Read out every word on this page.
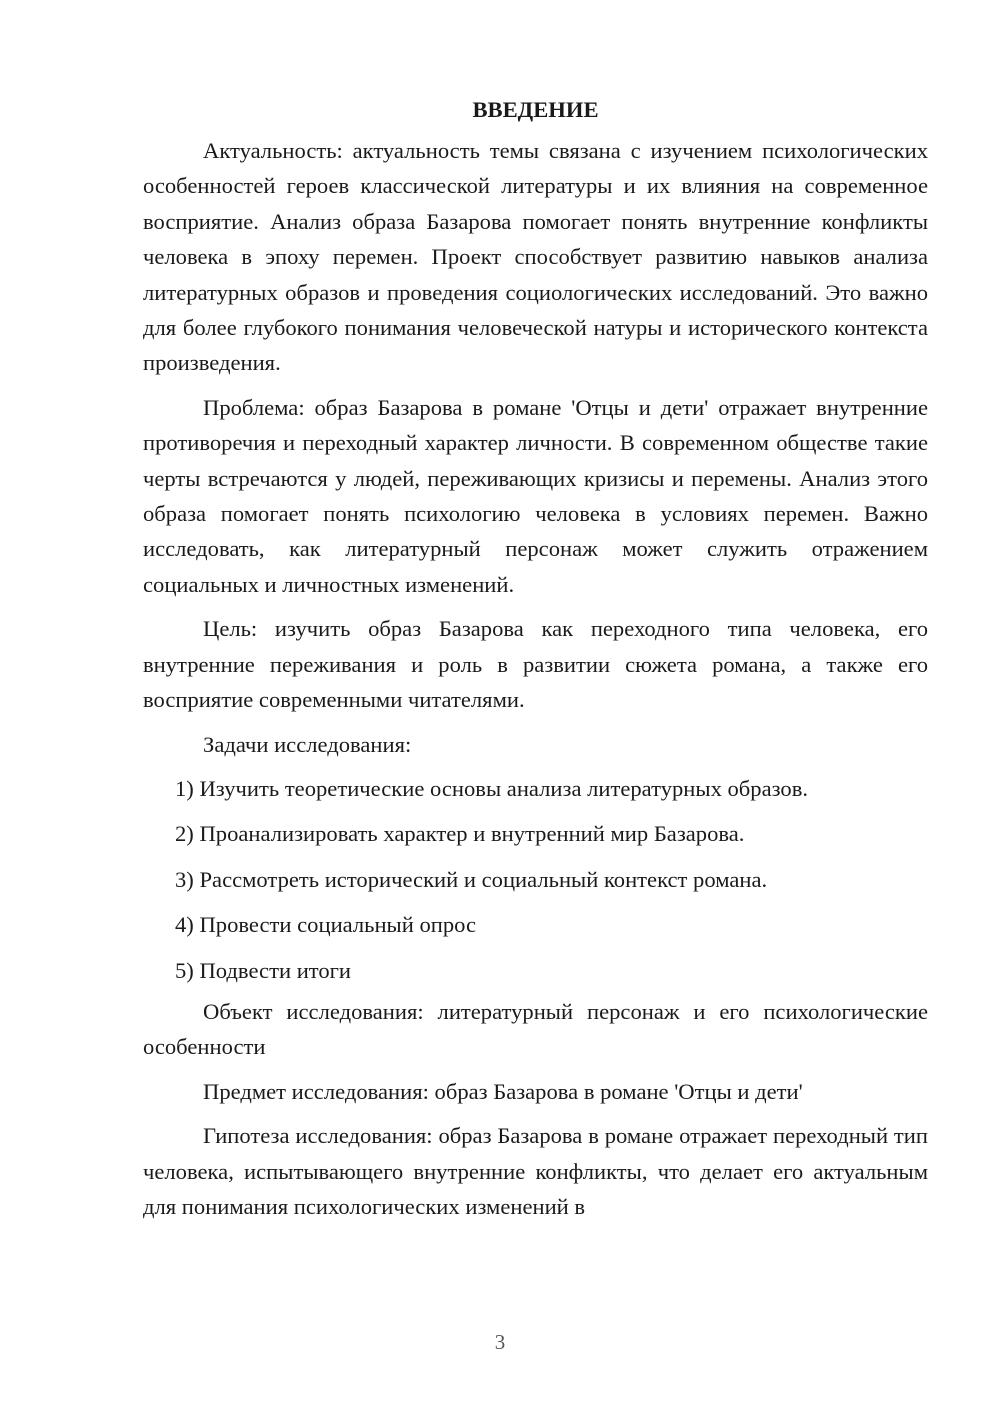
ВВЕДЕНИЕ

Актуальность: актуальность темы связана с изучением психологических особенностей героев классической литературы и их влияния на современное восприятие. Анализ образа Базарова помогает понять внутренние конфликты человека в эпоху перемен. Проект способствует развитию навыков анализа литературных образов и проведения социологических исследований. Это важно для более глубокого понимания человеческой натуры и исторического контекста произведения.

Проблема: образ Базарова в романе 'Отцы и дети' отражает внутренние противоречия и переходный характер личности. В современном обществе такие черты встречаются у людей, переживающих кризисы и перемены. Анализ этого образа помогает понять психологию человека в условиях перемен. Важно исследовать, как литературный персонаж может служить отражением социальных и личностных изменений.

Цель: изучить образ Базарова как переходного типа человека, его внутренние переживания и роль в развитии сюжета романа, а также его восприятие современными читателями.

Задачи исследования:

1) Изучить теоретические основы анализа литературных образов.
2) Проанализировать характер и внутренний мир Базарова.
3) Рассмотреть исторический и социальный контекст романа.
4) Провести социальный опрос
5) Подвести итоги

Объект исследования: литературный персонаж и его психологические особенности

Предмет исследования: образ Базарова в романе 'Отцы и дети'

Гипотеза исследования: образ Базарова в романе отражает переходный тип человека, испытывающего внутренние конфликты, что делает его актуальным для понимания психологических изменений в

3
